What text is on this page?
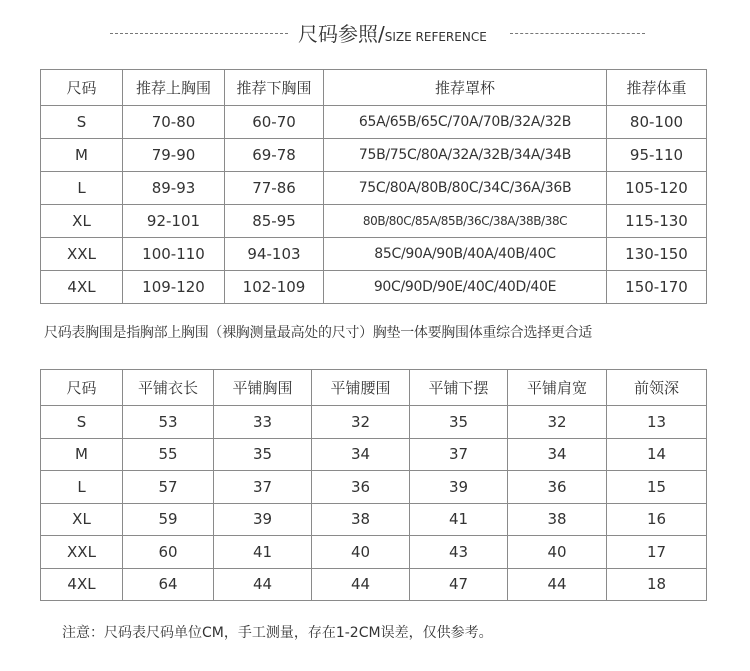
尺码参照/SIZE REFERENCE
尺码	推荐上胸围	推荐下胸围	推荐罩杯	推荐体重
S	70-80	60-70	65A/65B/65C/70A/70B/32A/32B	80-100
M	79-90	69-78	75B/75C/80A/32A/32B/34A/34B	95-110
L	89-93	77-86	75C/80A/80B/80C/34C/36A/36B	105-120
XL	92-101	85-95	80B/80C/85A/85B/36C/38A/38B/38C	115-130
XXL	100-110	94-103	85C/90A/90B/40A/40B/40C	130-150
4XL	109-120	102-109	90C/90D/90E/40C/40D/40E	150-170
尺码表胸围是指胸部上胸围（裸胸测量最高处的尺寸）胸垫一体要胸围体重综合选择更合适
尺码	平铺衣长	平铺胸围	平铺腰围	平铺下摆	平铺肩宽	前领深
S	53	33	32	35	32	13
M	55	35	34	37	34	14
L	57	37	36	39	36	15
XL	59	39	38	41	38	16
XXL	60	41	40	43	40	17
4XL	64	44	44	47	44	18
注意：尺码表尺码单位CM，手工测量，存在1-2CM误差，仅供参考。
